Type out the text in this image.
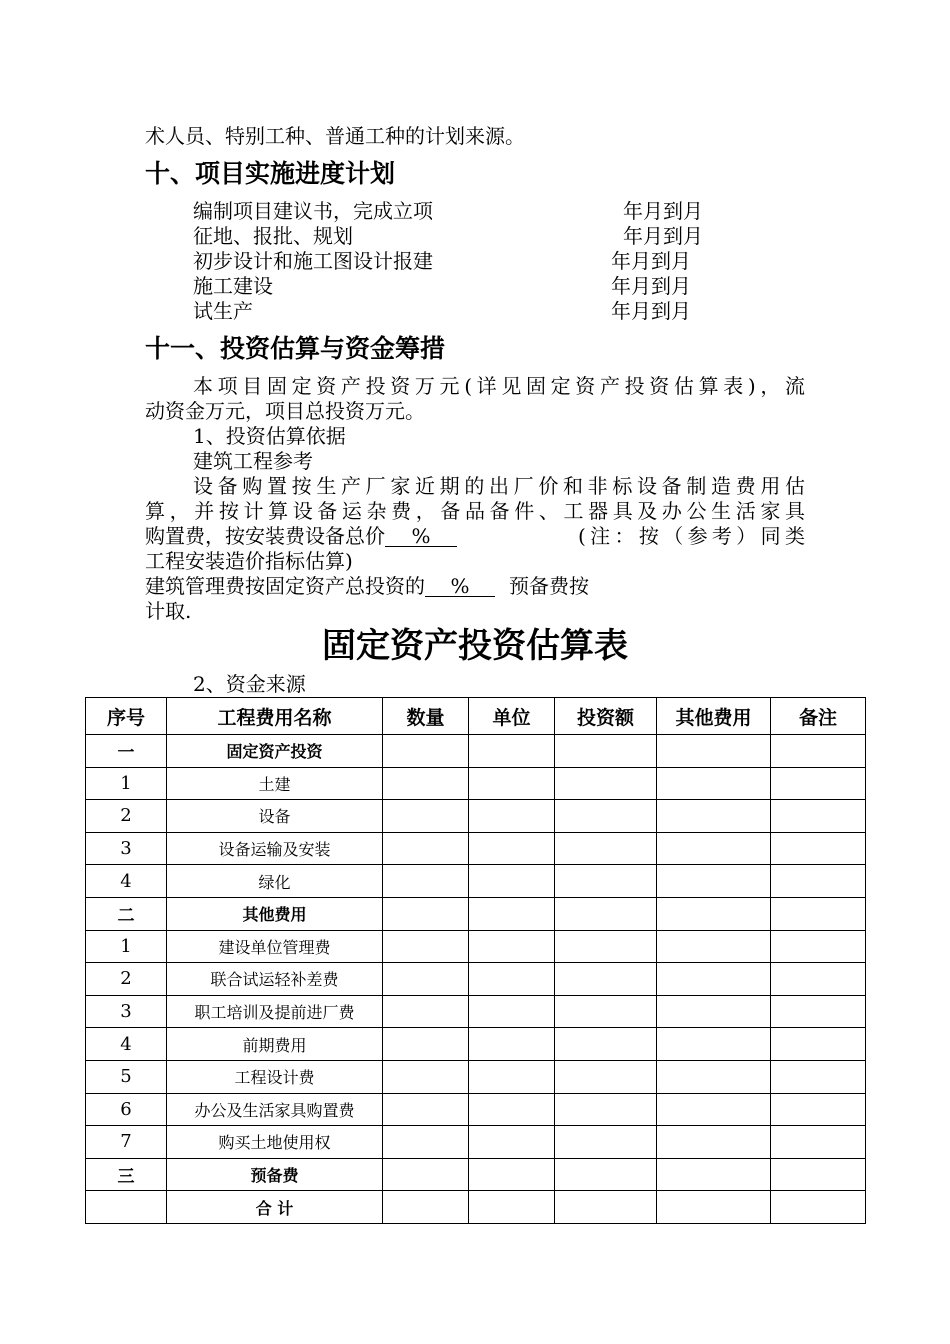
术人员、特别工种、普通工种的计划来源。
十、项目实施进度计划
编制项目建议书，完成立项	年月到月
征地、报批、规划	年月到月
初步设计和施工图设计报建	年月到月
施工建设	年月到月
试生产	年月到月
十一、投资估算与资金筹措
本项目固定资产投资万元(详见固定资产投资估算表)，流
动资金万元，项目总投资万元。
1、投资估算依据
建筑工程参考
设备购置按生产厂家近期的出厂价和非标设备制造费用估
算，并按计算设备运杂费，备品备件、工器具及办公生活家具
购置费，按安装费设备总价 %	(注：按（参考）同类
工程安装造价指标估算)
建筑管理费按固定资产总投资的 % 预备费按
计取.
固定资产投资估算表
2、资金来源
序号	工程费用名称	数量	单位	投资额	其他费用	备注
一	固定资产投资					
1	土建					
2	设备					
3	设备运输及安装					
4	绿化					
二	其他费用					
1	建设单位管理费					
2	联合试运轻补差费					
3	职工培训及提前进厂费					
4	前期费用					
5	工程设计费					
6	办公及生活家具购置费					
7	购买土地使用权					
三	预备费					
	合 计					
